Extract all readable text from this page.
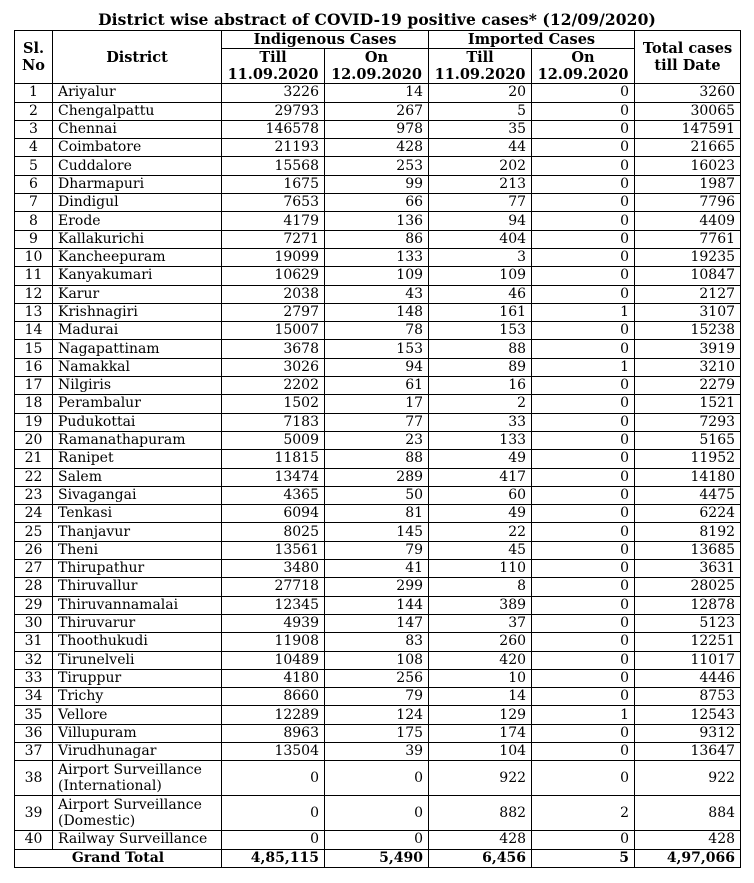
District wise abstract of COVID-19 positive cases* (12/09/2020)
Sl. No	District	Indigenous Cases		Imported Cases		Total cases till Date

		Till 11.09.2020	On 12.09.2020	Till 11.09.2020	On 12.09.2020	

1	Ariyalur	3226	14	20	0	3260
2	Chengalpattu	29793	267	5	0	30065
3	Chennai	146578	978	35	0	147591
4	Coimbatore	21193	428	44	0	21665
5	Cuddalore	15568	253	202	0	16023
6	Dharmapuri	1675	99	213	0	1987
7	Dindigul	7653	66	77	0	7796
8	Erode	4179	136	94	0	4409
9	Kallakurichi	7271	86	404	0	7761
10	Kancheepuram	19099	133	3	0	19235
11	Kanyakumari	10629	109	109	0	10847
12	Karur	2038	43	46	0	2127
13	Krishnagiri	2797	148	161	1	3107
14	Madurai	15007	78	153	0	15238
15	Nagapattinam	3678	153	88	0	3919
16	Namakkal	3026	94	89	1	3210
17	Nilgiris	2202	61	16	0	2279
18	Perambalur	1502	17	2	0	1521
19	Pudukottai	7183	77	33	0	7293
20	Ramanathapuram	5009	23	133	0	5165
21	Ranipet	11815	88	49	0	11952
22	Salem	13474	289	417	0	14180
23	Sivagangai	4365	50	60	0	4475
24	Tenkasi	6094	81	49	0	6224
25	Thanjavur	8025	145	22	0	8192
26	Theni	13561	79	45	0	13685
27	Thirupathur	3480	41	110	0	3631
28	Thiruvallur	27718	299	8	0	28025
29	Thiruvannamalai	12345	144	389	0	12878
30	Thiruvarur	4939	147	37	0	5123
31	Thoothukudi	11908	83	260	0	12251
32	Tirunelveli	10489	108	420	0	11017
33	Tiruppur	4180	256	10	0	4446
34	Trichy	8660	79	14	0	8753
35	Vellore	12289	124	129	1	12543
36	Villupuram	8963	175	174	0	9312
37	Virudhunagar	13504	39	104	0	13647
38	Airport Surveillance (International)	0	0	922	0	922
39	Airport Surveillance (Domestic)	0	0	882	2	884
40	Railway Surveillance	0	0	428	0	428
Grand Total		4,85,115	5,490	6,456	5	4,97,066
